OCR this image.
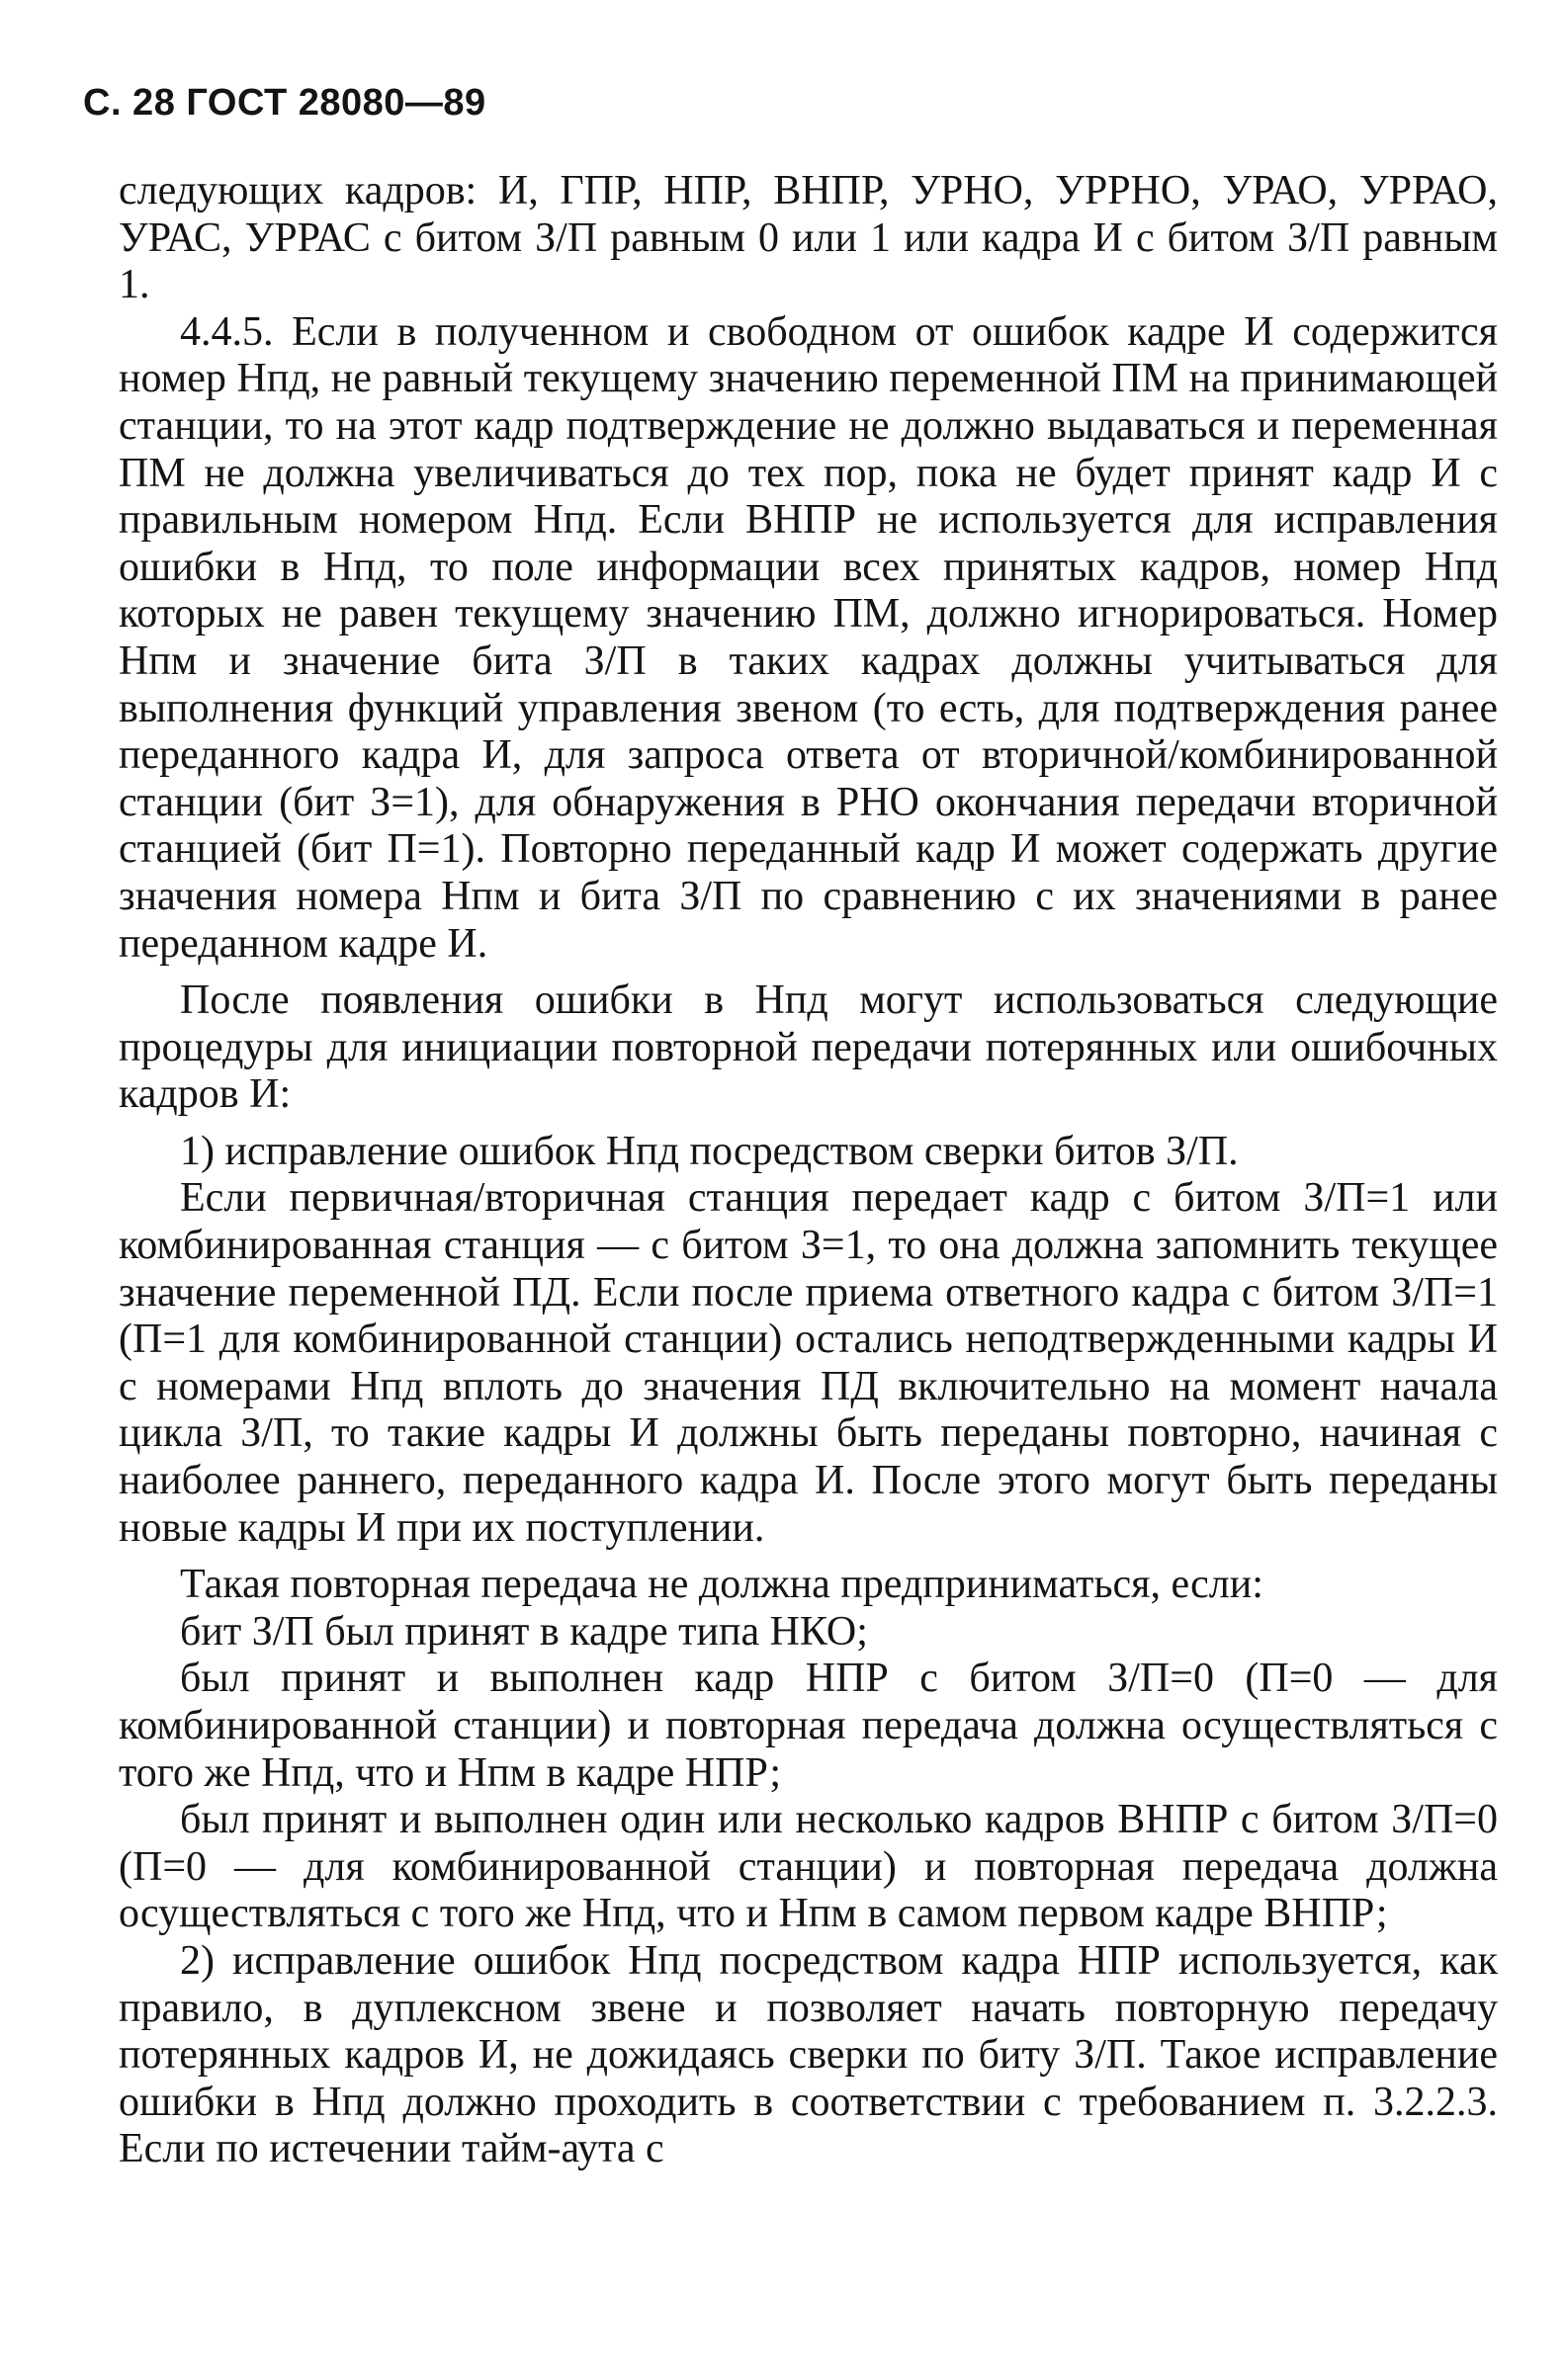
С. 28 ГОСТ 28080—89

следующих кадров: И, ГПР, НПР, ВНПР, УРНО, УРРНО, УРАО, УРРАО, УРАС, УРРАС с битом З/П равным 0 или 1 или кадра И с битом З/П равным 1.

4.4.5. Если в полученном и свободном от ошибок кадре И содержится номер Нпд, не равный текущему значению переменной ПМ на принимающей станции, то на этот кадр подтверждение не должно выдаваться и переменная ПМ не должна увеличиваться до тех пор, пока не будет принят кадр И с правильным номером Нпд. Если ВНПР не используется для исправления ошибки в Нпд, то поле информации всех принятых кадров, номер Нпд которых не равен текущему значению ПМ, должно игнорироваться. Номер Нпм и значение бита З/П в таких кадрах должны учитываться для выполнения функций управления звеном (то есть, для подтверждения ранее переданного кадра И, для запроса ответа от вторичной/комбинированной станции (бит З=1), для обнаружения в РНО окончания передачи вторичной станцией (бит П=1). Повторно переданный кадр И может содержать другие значения номера Нпм и бита З/П по сравнению с их значениями в ранее переданном кадре И.

После появления ошибки в Нпд могут использоваться следующие процедуры для инициации повторной передачи потерянных или ошибочных кадров И:

1) исправление ошибок Нпд посредством сверки битов З/П.

Если первичная/вторичная станция передает кадр с битом З/П=1 или комбинированная станция — с битом З=1, то она должна запомнить текущее значение переменной ПД. Если после приема ответного кадра с битом З/П=1 (П=1 для комбинированной станции) остались неподтвержденными кадры И с номерами Нпд вплоть до значения ПД включительно на момент начала цикла З/П, то такие кадры И должны быть переданы повторно, начиная с наиболее раннего, переданного кадра И. После этого могут быть переданы новые кадры И при их поступлении.

Такая повторная передача не должна предприниматься, если:

бит З/П был принят в кадре типа НКО;

был принят и выполнен кадр НПР с битом З/П=0 (П=0 — для комбинированной станции) и повторная передача должна осуществляться с того же Нпд, что и Нпм в кадре НПР;

был принят и выполнен один или несколько кадров ВНПР с битом З/П=0 (П=0 — для комбинированной станции) и повторная передача должна осуществляться с того же Нпд, что и Нпм в самом первом кадре ВНПР;

2) исправление ошибок Нпд посредством кадра НПР используется, как правило, в дуплексном звене и позволяет начать повторную передачу потерянных кадров И, не дожидаясь сверки по биту З/П. Такое исправление ошибки в Нпд должно проходить в соответствии с требованием п. 3.2.2.3. Если по истечении тайм-аута с
